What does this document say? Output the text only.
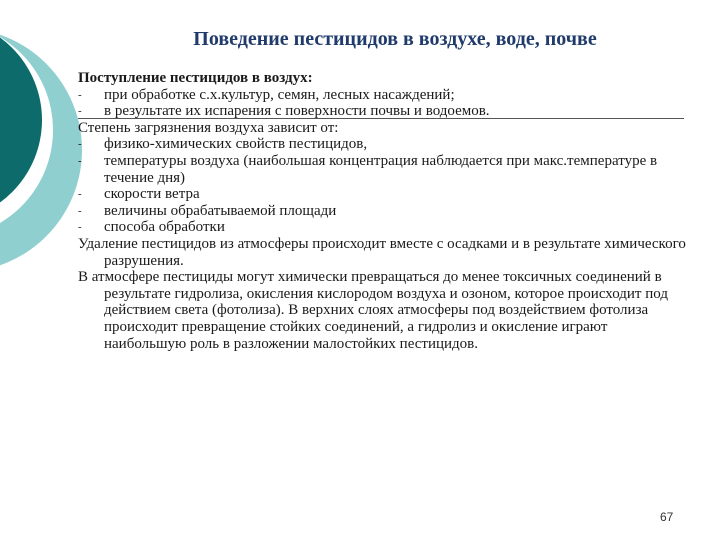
Поведение пестицидов в воздухе, воде, почве

Поступление пестицидов в воздух:

- при обработке с.х.культур, семян, лесных насаждений;

- в результате их испарения с поверхности почвы и водоемов.

Степень загрязнения воздуха зависит от:

- физико-химических свойств пестицидов,

- температуры воздуха (наибольшая концентрация наблюдается при макс.температуре в течение дня)

- скорости ветра

- величины обрабатываемой площади

- способа обработки

Удаление пестицидов из атмосферы происходит вместе с осадками и в результате химического разрушения.

В атмосфере пестициды могут химически превращаться до менее токсичных соединений в результате гидролиза, окисления кислородом воздуха и озоном, которое происходит под действием света (фотолиза). В верхних слоях атмосферы под воздействием фотолиза происходит превращение стойких соединений, а гидролиз и окисление играют наибольшую роль в разложении малостойких пестицидов.

67
